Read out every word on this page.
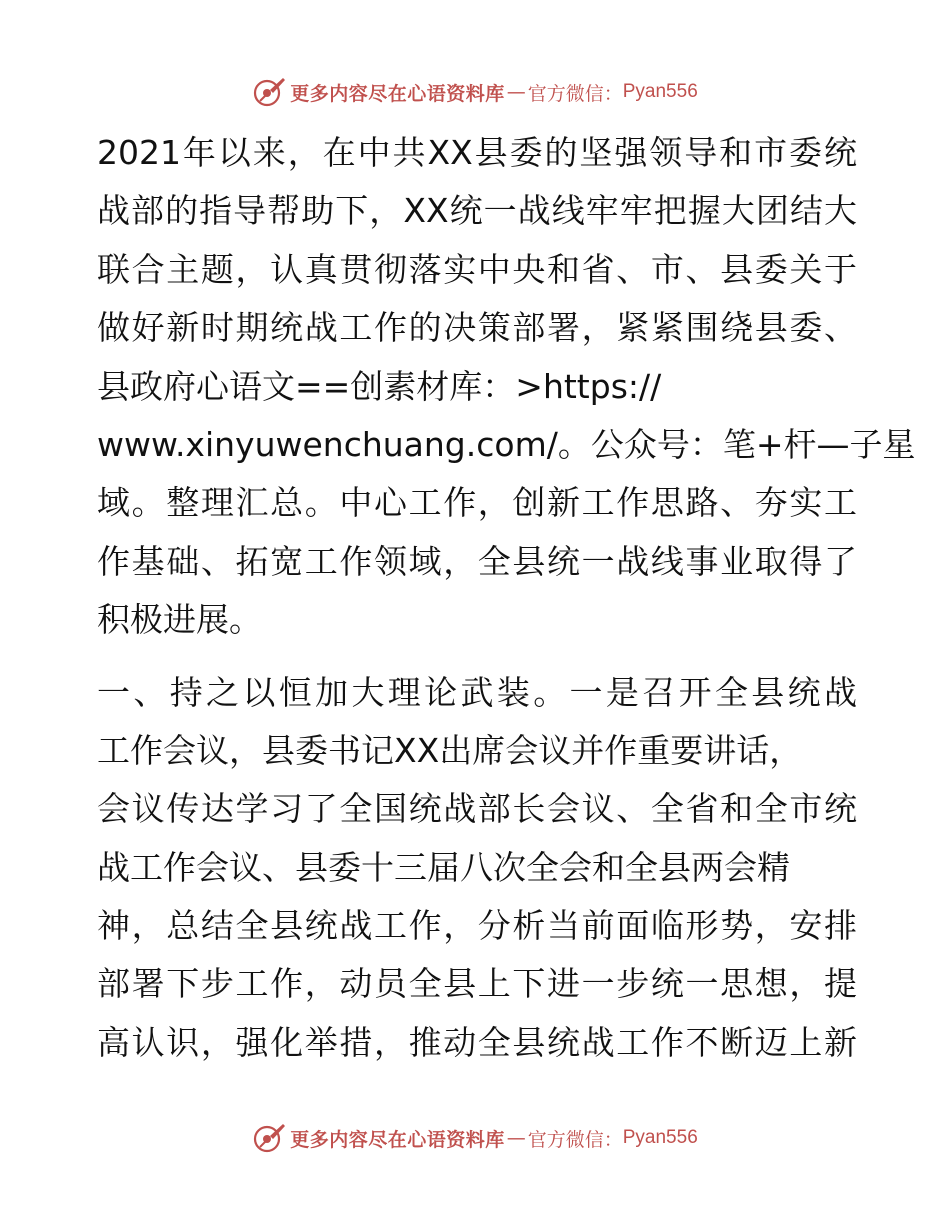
更多内容尽在心语资料库 — 官方微信： Pyan556
2021年以来，在中共XX县委的坚强领导和市委统
战部的指导帮助下，XX统一战线牢牢把握大团结大
联合主题，认真贯彻落实中央和省、市、县委关于
做好新时期统战工作的决策部署，紧紧围绕县委、
县政府心语文==创素材库：>https://
www.xinyuwenchuang.com/。公众号：笔+杆—子星
域。整理汇总。中心工作，创新工作思路、夯实工
作基础、拓宽工作领域，全县统一战线事业取得了
积极进展。
一、持之以恒加大理论武装。一是召开全县统战
工作会议，县委书记XX出席会议并作重要讲话，
会议传达学习了全国统战部长会议、全省和全市统
战工作会议、县委十三届八次全会和全县两会精
神，总结全县统战工作，分析当前面临形势，安排
部署下步工作，动员全县上下进一步统一思想，提
高认识，强化举措，推动全县统战工作不断迈上新
更多内容尽在心语资料库 — 官方微信： Pyan556
